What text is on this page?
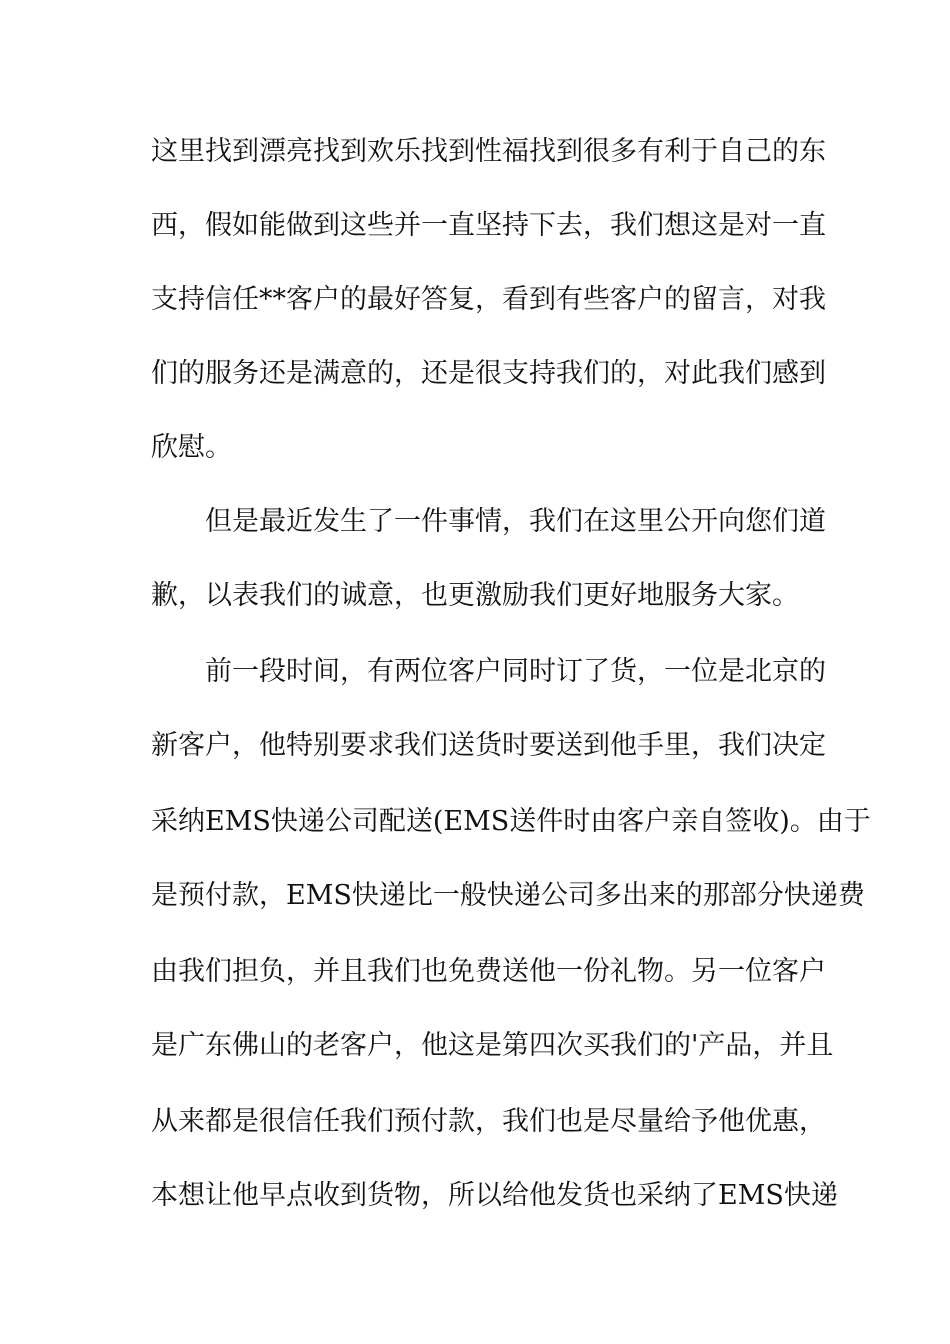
这里找到漂亮找到欢乐找到性福找到很多有利于自己的东
西，假如能做到这些并一直坚持下去，我们想这是对一直
支持信任**客户的最好答复，看到有些客户的留言，对我
们的服务还是满意的，还是很支持我们的，对此我们感到
欣慰。
　　但是最近发生了一件事情，我们在这里公开向您们道
歉，以表我们的诚意，也更激励我们更好地服务大家。
　　前一段时间，有两位客户同时订了货，一位是北京的
新客户，他特别要求我们送货时要送到他手里，我们决定
采纳EMS快递公司配送(EMS送件时由客户亲自签收)。由于
是预付款，EMS快递比一般快递公司多出来的那部分快递费
由我们担负，并且我们也免费送他一份礼物。另一位客户
是广东佛山的老客户，他这是第四次买我们的'产品，并且
从来都是很信任我们预付款，我们也是尽量给予他优惠，
本想让他早点收到货物，所以给他发货也采纳了EMS快递
